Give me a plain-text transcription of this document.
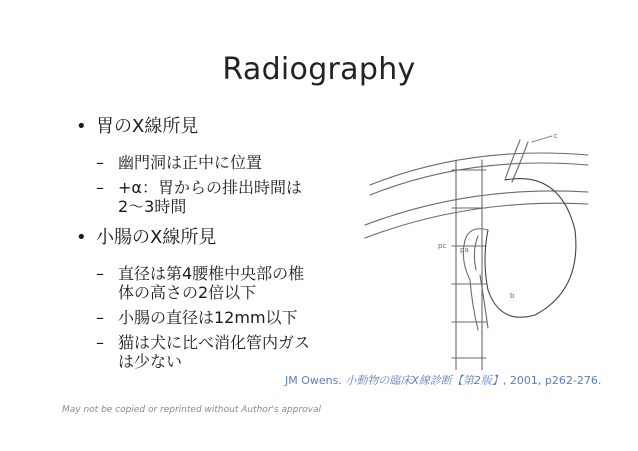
Radiography
• 胃のX線所見
– 幽門洞は正中に位置
– +α：胃からの排出時間は
2～3時間
• 小腸のX線所見
– 直径は第4腰椎中央部の椎
体の高さの2倍以下
– 小腸の直径は12mm以下
– 猫は犬に比べ消化管内ガス
は少ない
c
pc pa
b
JM Owens. 小動物の臨床X線診断【第2版】, 2001, p262-276.
May not be copied or reprinted without Author's approval
